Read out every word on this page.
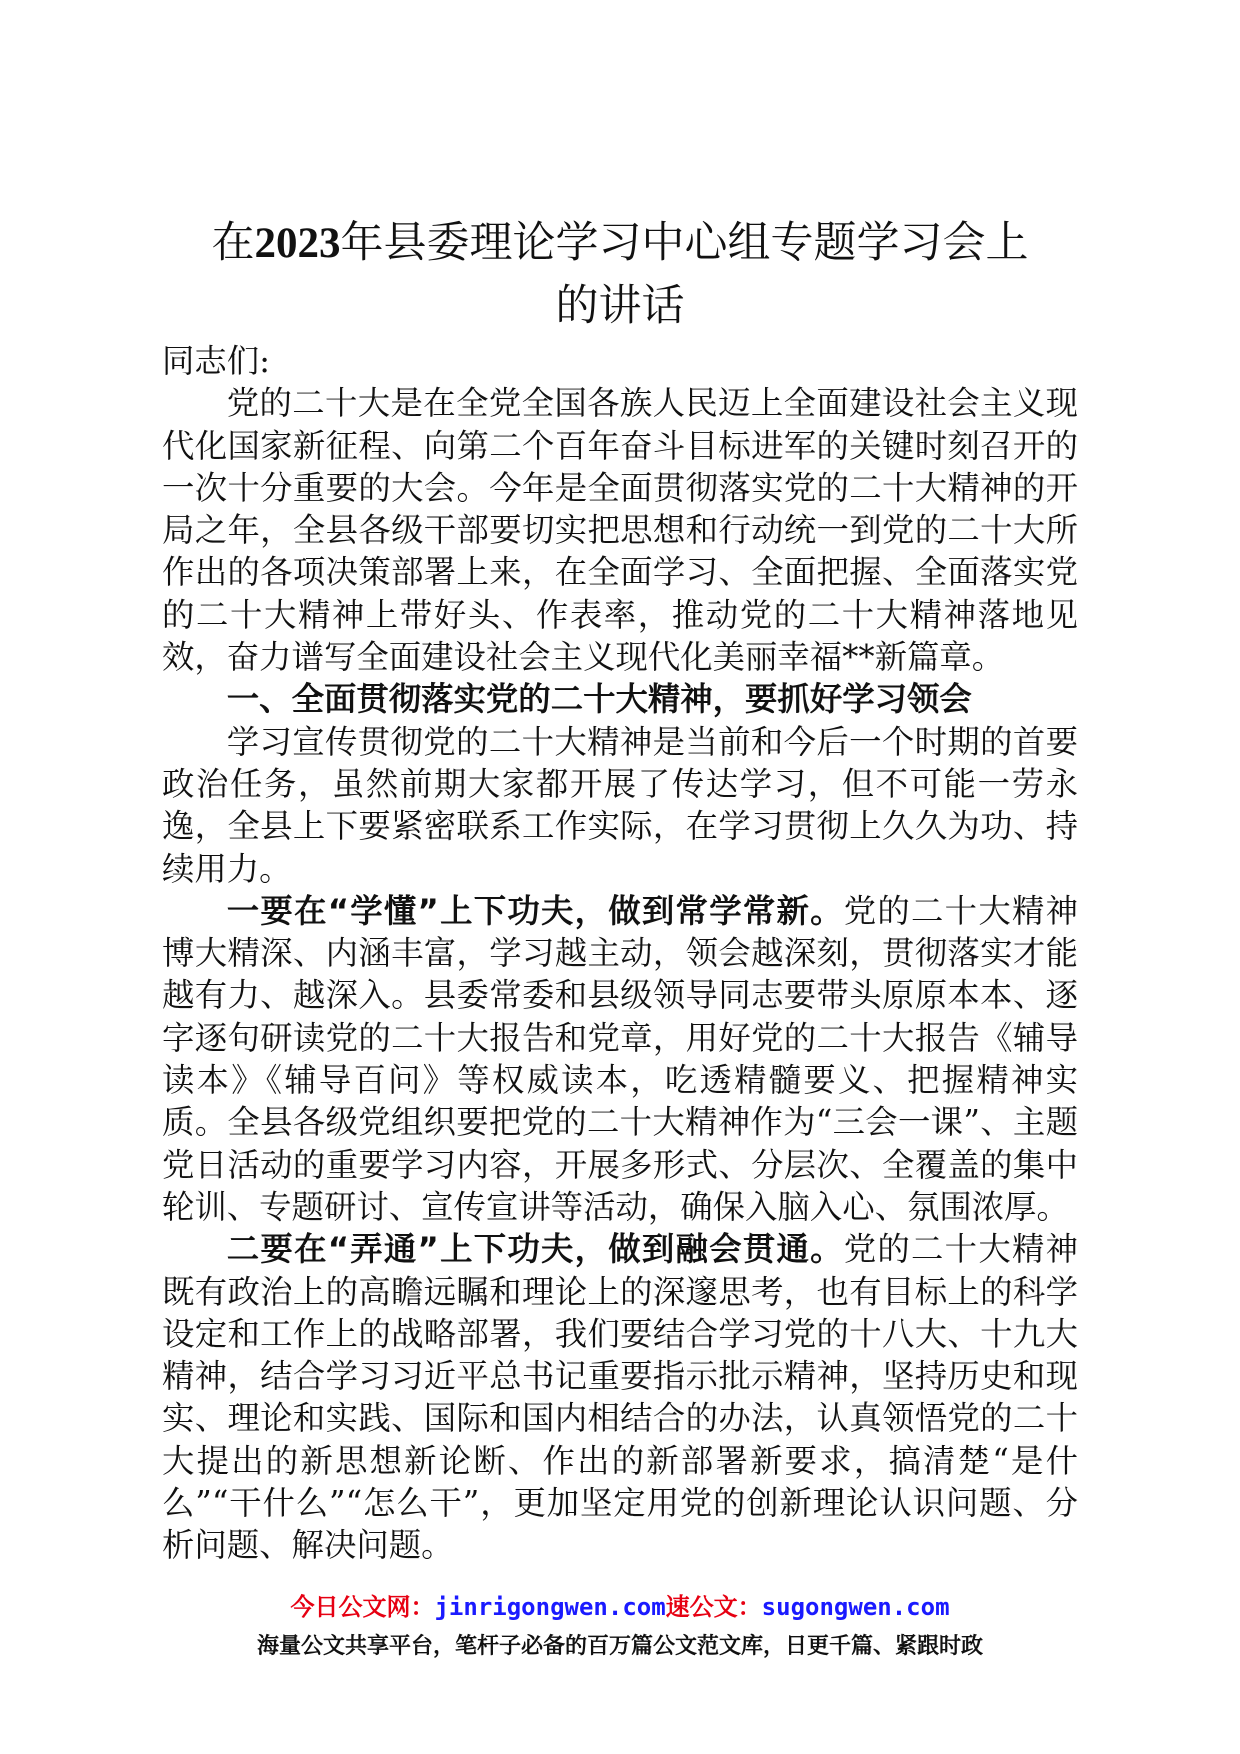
在2023年县委理论学习中心组专题学习会上
的讲话

同志们:

党的二十大是在全党全国各族人民迈上全面建设社会主义现代化国家新征程、向第二个百年奋斗目标进军的关键时刻召开的一次十分重要的大会。今年是全面贯彻落实党的二十大精神的开局之年，全县各级干部要切实把思想和行动统一到党的二十大所作出的各项决策部署上来，在全面学习、全面把握、全面落实党的二十大精神上带好头、作表率，推动党的二十大精神落地见效，奋力谱写全面建设社会主义现代化美丽幸福**新篇章。

一、全面贯彻落实党的二十大精神，要抓好学习领会

学习宣传贯彻党的二十大精神是当前和今后一个时期的首要政治任务，虽然前期大家都开展了传达学习，但不可能一劳永逸，全县上下要紧密联系工作实际，在学习贯彻上久久为功、持续用力。

一要在“学懂”上下功夫，做到常学常新。党的二十大精神博大精深、内涵丰富，学习越主动，领会越深刻，贯彻落实才能越有力、越深入。县委常委和县级领导同志要带头原原本本、逐字逐句研读党的二十大报告和党章，用好党的二十大报告《辅导读本》《辅导百问》等权威读本，吃透精髓要义、把握精神实质。全县各级党组织要把党的二十大精神作为“三会一课”、主题党日活动的重要学习内容，开展多形式、分层次、全覆盖的集中轮训、专题研讨、宣传宣讲等活动，确保入脑入心、氛围浓厚。

二要在“弄通”上下功夫，做到融会贯通。党的二十大精神既有政治上的高瞻远瞩和理论上的深邃思考，也有目标上的科学设定和工作上的战略部署，我们要结合学习党的十八大、十九大精神，结合学习习近平总书记重要指示批示精神，坚持历史和现实、理论和实践、国际和国内相结合的办法，认真领悟党的二十大提出的新思想新论断、作出的新部署新要求，搞清楚“是什么”“干什么”“怎么干”，更加坚定用党的创新理论认识问题、分析问题、解决问题。

今日公文网：jinrigongwen.com速公文：sugongwen.com
海量公文共享平台，笔杆子必备的百万篇公文范文库，日更千篇、紧跟时政
